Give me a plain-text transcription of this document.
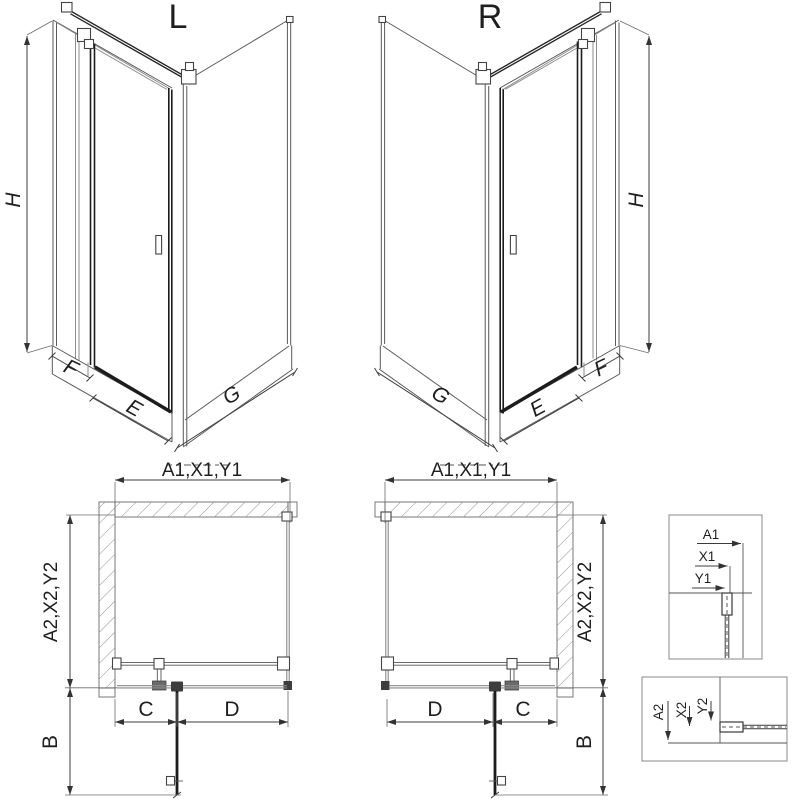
L
H
F
E	G
R
H
G	E
F
A1,X1,Y1
A2,X2,Y2
B
C	D
A1,X1,Y1
A2,X2,Y2
B
D	C
A1
X1
Y1
A2 X2 Y2
